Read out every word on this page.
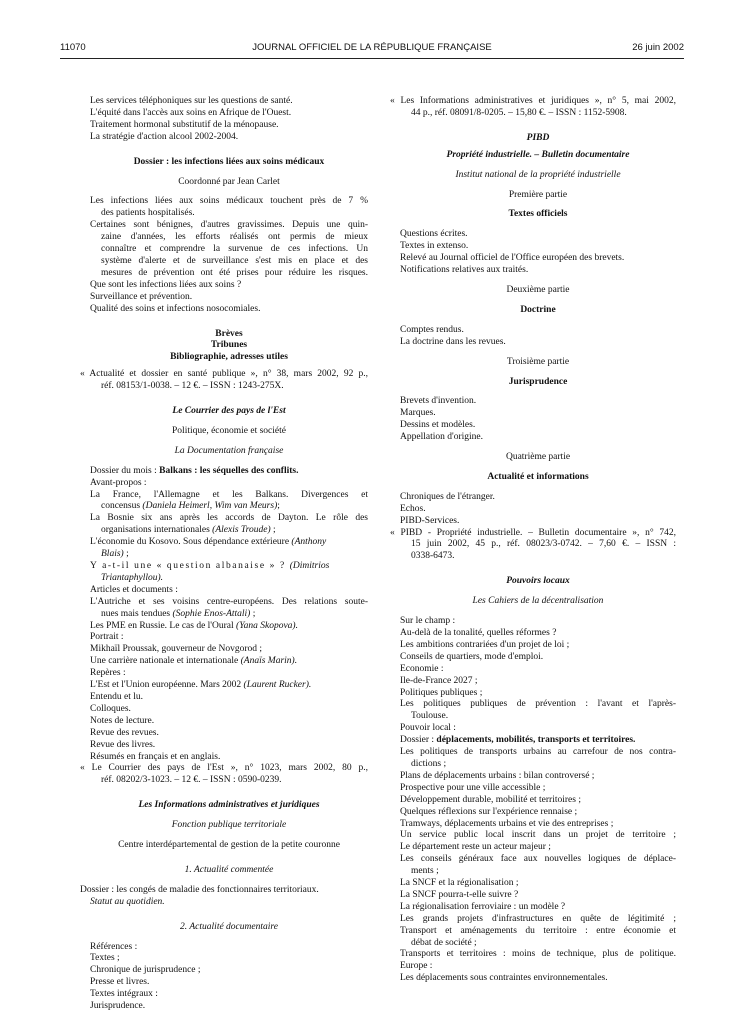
11070	JOURNAL OFFICIEL DE LA RÉPUBLIQUE FRANÇAISE	26 juin 2002
Les services téléphoniques sur les questions de santé.
L'équité dans l'accès aux soins en Afrique de l'Ouest.
Traitement hormonal substitutif de la ménopause.
La stratégie d'action alcool 2002-2004.
Dossier : les infections liées aux soins médicaux
Coordonné par Jean Carlet
Les infections liées aux soins médicaux touchent près de 7 %
des patients hospitalisés.
Certaines sont bénignes, d'autres gravissimes. Depuis une quin-
zaine d'années, les efforts réalisés ont permis de mieux
connaître et comprendre la survenue de ces infections. Un
système d'alerte et de surveillance s'est mis en place et des
mesures de prévention ont été prises pour réduire les risques.
Que sont les infections liées aux soins ?
Surveillance et prévention.
Qualité des soins et infections nosocomiales.
Brèves
Tribunes
Bibliographie, adresses utiles
« Actualité et dossier en santé publique », n° 38, mars 2002, 92 p.,
réf. 08153/1-0038. – 12 €. – ISSN : 1243-275X.
Le Courrier des pays de l'Est
Politique, économie et société
La Documentation française
Dossier du mois : Balkans : les séquelles des conflits.
Avant-propos :
La France, l'Allemagne et les Balkans. Divergences et
concensus (Daniela Heimerl, Wim van Meurs);
La Bosnie six ans après les accords de Dayton. Le rôle des
organisations internationales (Alexis Troude) ;
L'économie du Kosovo. Sous dépendance extérieure (Anthony
Blais) ;
Y a-t-il une « question albanaise » ? (Dimitrios
Triantaphyllou).
Articles et documents :
L'Autriche et ses voisins centre-européens. Des relations soute-
nues mais tendues (Sophie Enos-Attali) ;
Les PME en Russie. Le cas de l'Oural (Yana Skopova).
Portrait :
Mikhaïl Proussak, gouverneur de Novgorod ;
Une carrière nationale et internationale (Anaïs Marin).
Repères :
L'Est et l'Union européenne. Mars 2002 (Laurent Rucker).
Entendu et lu.
Colloques.
Notes de lecture.
Revue des revues.
Revue des livres.
Résumés en français et en anglais.
« Le Courrier des pays de l'Est », n° 1023, mars 2002, 80 p.,
réf. 08202/3-1023. – 12 €. – ISSN : 0590-0239.
Les Informations administratives et juridiques
Fonction publique territoriale
Centre interdépartemental de gestion de la petite couronne
1. Actualité commentée
Dossier : les congés de maladie des fonctionnaires territoriaux.
Statut au quotidien.
2. Actualité documentaire
Références :
Textes ;
Chronique de jurisprudence ;
Presse et livres.
Textes intégraux :
Jurisprudence.
« Les Informations administratives et juridiques », n° 5, mai 2002,
44 p., réf. 08091/8-0205. – 15,80 €. – ISSN : 1152-5908.
PIBD
Propriété industrielle. – Bulletin documentaire
Institut national de la propriété industrielle
Première partie
Textes officiels
Questions écrites.
Textes in extenso.
Relevé au Journal officiel de l'Office européen des brevets.
Notifications relatives aux traités.
Deuxième partie
Doctrine
Comptes rendus.
La doctrine dans les revues.
Troisième partie
Jurisprudence
Brevets d'invention.
Marques.
Dessins et modèles.
Appellation d'origine.
Quatrième partie
Actualité et informations
Chroniques de l'étranger.
Echos.
PIBD-Services.
« PIBD - Propriété industrielle. – Bulletin documentaire », n° 742,
15 juin 2002, 45 p., réf. 08023/3-0742. – 7,60 €. – ISSN :
0338-6473.
Pouvoirs locaux
Les Cahiers de la décentralisation
Sur le champ :
Au-delà de la tonalité, quelles réformes ?
Les ambitions contrariées d'un projet de loi ;
Conseils de quartiers, mode d'emploi.
Economie :
Ile-de-France 2027 ;
Politiques publiques ;
Les politiques publiques de prévention : l'avant et l'après-
Toulouse.
Pouvoir local :
Dossier : déplacements, mobilités, transports et territoires.
Les politiques de transports urbains au carrefour de nos contra-
dictions ;
Plans de déplacements urbains : bilan controversé ;
Prospective pour une ville accessible ;
Développement durable, mobilité et territoires ;
Quelques réflexions sur l'expérience rennaise ;
Tramways, déplacements urbains et vie des entreprises ;
Un service public local inscrit dans un projet de territoire ;
Le département reste un acteur majeur ;
Les conseils généraux face aux nouvelles logiques de déplace-
ments ;
La SNCF et la régionalisation ;
La SNCF pourra-t-elle suivre ?
La régionalisation ferroviaire : un modèle ?
Les grands projets d'infrastructures en quête de légitimité ;
Transport et aménagements du territoire : entre économie et
débat de société ;
Transports et territoires : moins de technique, plus de politique.
Europe :
Les déplacements sous contraintes environnementales.
